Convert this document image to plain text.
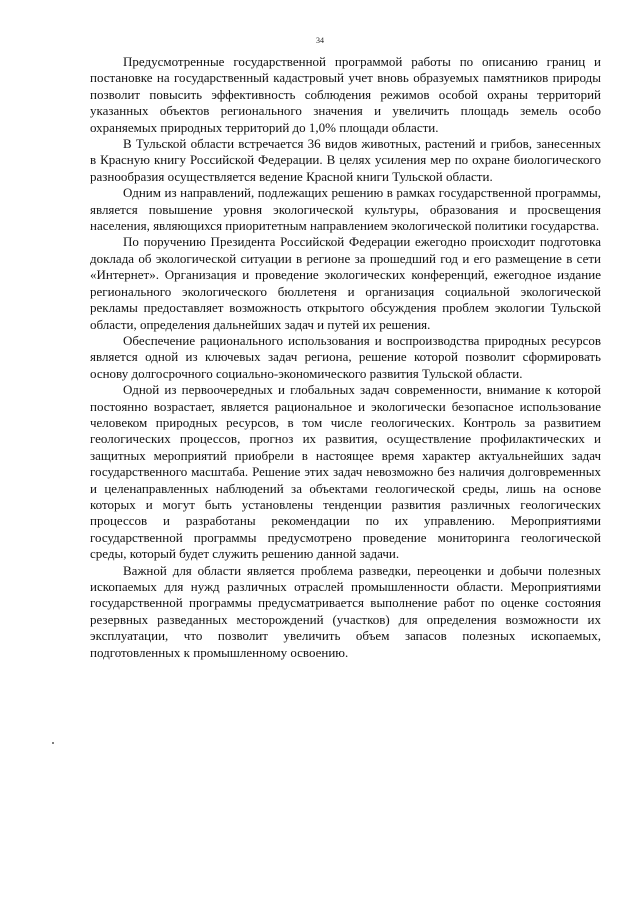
34

Предусмотренные государственной программой работы по описанию границ и постановке на государственный кадастровый учет вновь образуемых памятников природы позволит повысить эффективность соблюдения режимов особой охраны территорий указанных объектов регионального значения и увеличить площадь земель особо охраняемых природных территорий до 1,0% площади области.

В Тульской области встречается 36 видов животных, растений и грибов, занесенных в Красную книгу Российской Федерации. В целях усиления мер по охране биологического разнообразия осуществляется ведение Красной книги Тульской области.

Одним из направлений, подлежащих решению в рамках государственной программы, является повышение уровня экологической культуры, образования и просвещения населения, являющихся приоритетным направлением экологической политики государства.

По поручению Президента Российской Федерации ежегодно происходит подготовка доклада об экологической ситуации в регионе за прошедший год и его размещение в сети «Интернет». Организация и проведение экологических конференций, ежегодное издание регионального экологического бюллетеня и организация социальной экологической рекламы предоставляет возможность открытого обсуждения проблем экологии Тульской области, определения дальнейших задач и путей их решения.

Обеспечение рационального использования и воспроизводства природных ресурсов является одной из ключевых задач региона, решение которой позволит сформировать основу долгосрочного социально-экономического развития Тульской области.

Одной из первоочередных и глобальных задач современности, внимание к которой постоянно возрастает, является рациональное и экологически безопасное использование человеком природных ресурсов, в том числе геологических. Контроль за развитием геологических процессов, прогноз их развития, осуществление профилактических и защитных мероприятий приобрели в настоящее время характер актуальнейших задач государственного масштаба. Решение этих задач невозможно без наличия долговременных и целенаправленных наблюдений за объектами геологической среды, лишь на основе которых и могут быть установлены тенденции развития различных геологических процессов и разработаны рекомендации по их управлению. Мероприятиями государственной программы предусмотрено проведение мониторинга геологической среды, который будет служить решению данной задачи.

Важной для области является проблема разведки, переоценки и добычи полезных ископаемых для нужд различных отраслей промышленности области. Мероприятиями государственной программы предусматривается выполнение работ по оценке состояния резервных разведанных месторождений (участков) для определения возможности их эксплуатации, что позволит увеличить объем запасов полезных ископаемых, подготовленных к промышленному освоению.
